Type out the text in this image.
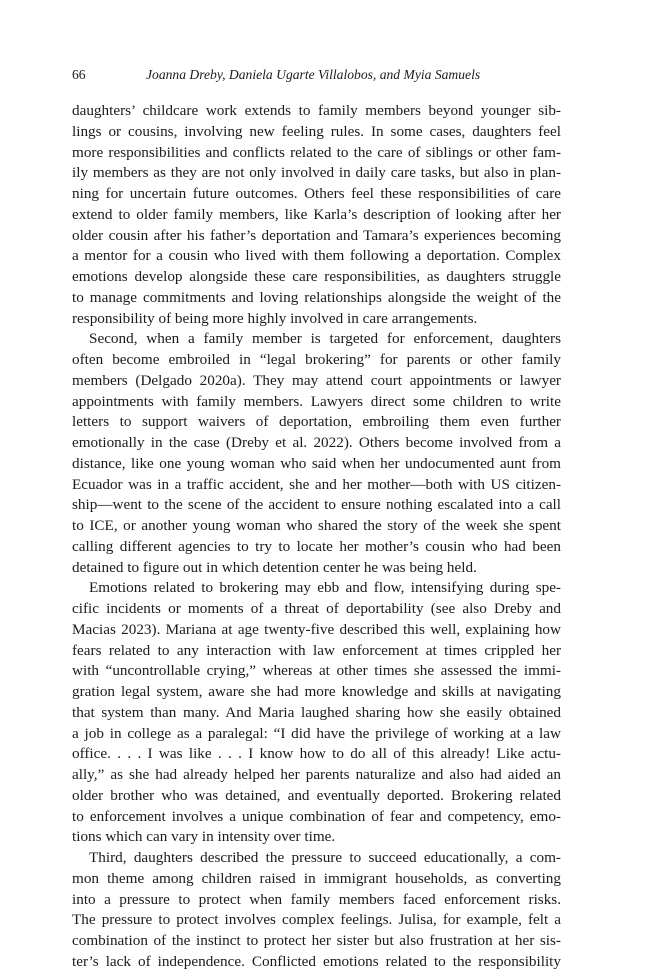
66	Joanna Dreby, Daniela Ugarte Villalobos, and Myia Samuels
daughters’ childcare work extends to family members beyond younger sib-
lings or cousins, involving new feeling rules. In some cases, daughters feel
more responsibilities and conflicts related to the care of siblings or other fam-
ily members as they are not only involved in daily care tasks, but also in plan-
ning for uncertain future outcomes. Others feel these responsibilities of care
extend to older family members, like Karla’s description of looking after her
older cousin after his father’s deportation and Tamara’s experiences becoming
a mentor for a cousin who lived with them following a deportation. Complex
emotions develop alongside these care responsibilities, as daughters struggle
to manage commitments and loving relationships alongside the weight of the
responsibility of being more highly involved in care arrangements.
Second, when a family member is targeted for enforcement, daughters
often become embroiled in “legal brokering” for parents or other family
members (Delgado 2020a). They may attend court appointments or lawyer
appointments with family members. Lawyers direct some children to write
letters to support waivers of deportation, embroiling them even further
emotionally in the case (Dreby et al. 2022). Others become involved from a
distance, like one young woman who said when her undocumented aunt from
Ecuador was in a traffic accident, she and her mother—both with US citizen-
ship—went to the scene of the accident to ensure nothing escalated into a call
to ICE, or another young woman who shared the story of the week she spent
calling different agencies to try to locate her mother’s cousin who had been
detained to figure out in which detention center he was being held.
Emotions related to brokering may ebb and flow, intensifying during spe-
cific incidents or moments of a threat of deportability (see also Dreby and
Macias 2023). Mariana at age twenty-five described this well, explaining how
fears related to any interaction with law enforcement at times crippled her
with “uncontrollable crying,” whereas at other times she assessed the immi-
gration legal system, aware she had more knowledge and skills at navigating
that system than many. And Maria laughed sharing how she easily obtained
a job in college as a paralegal: “I did have the privilege of working at a law
office. . . . I was like . . . I know how to do all of this already! Like actu-
ally,” as she had already helped her parents naturalize and also had aided an
older brother who was detained, and eventually deported. Brokering related
to enforcement involves a unique combination of fear and competency, emo-
tions which can vary in intensity over time.
Third, daughters described the pressure to succeed educationally, a com-
mon theme among children raised in immigrant households, as converting
into a pressure to protect when family members faced enforcement risks.
The pressure to protect involves complex feelings. Julisa, for example, felt a
combination of the instinct to protect her sister but also frustration at her sis-
ter’s lack of independence. Conflicted emotions related to the responsibility
